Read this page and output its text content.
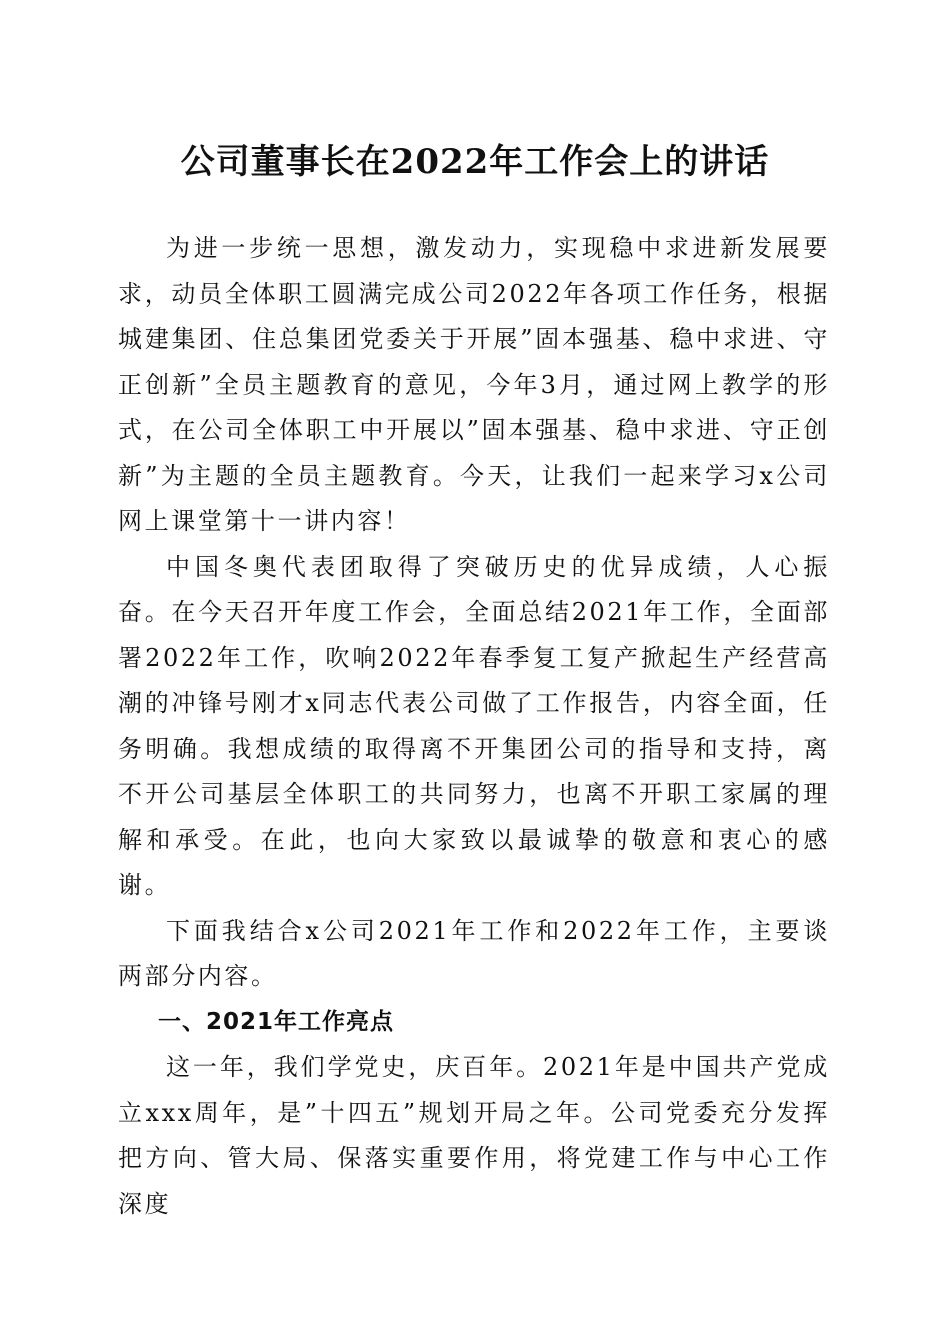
公司董事长在2022年工作会上的讲话

为进一步统一思想，激发动力，实现稳中求进新发展要求，动员全体职工圆满完成公司2022年各项工作任务，根据城建集团、住总集团党委关于开展”固本强基、稳中求进、守正创新”全员主题教育的意见，今年3月，通过网上教学的形式，在公司全体职工中开展以”固本强基、稳中求进、守正创新”为主题的全员主题教育。今天，让我们一起来学习x公司网上课堂第十一讲内容！

中国冬奥代表团取得了突破历史的优异成绩，人心振奋。在今天召开年度工作会，全面总结2021年工作，全面部署2022年工作，吹响2022年春季复工复产掀起生产经营高潮的冲锋号刚才x同志代表公司做了工作报告，内容全面，任务明确。我想成绩的取得离不开集团公司的指导和支持，离不开公司基层全体职工的共同努力，也离不开职工家属的理解和承受。在此，也向大家致以最诚挚的敬意和衷心的感谢。

下面我结合x公司2021年工作和2022年工作，主要谈两部分内容。

一、2021年工作亮点

这一年，我们学党史，庆百年。2021年是中国共产党成立xxx周年，是”十四五”规划开局之年。公司党委充分发挥把方向、管大局、保落实重要作用，将党建工作与中心工作深度
